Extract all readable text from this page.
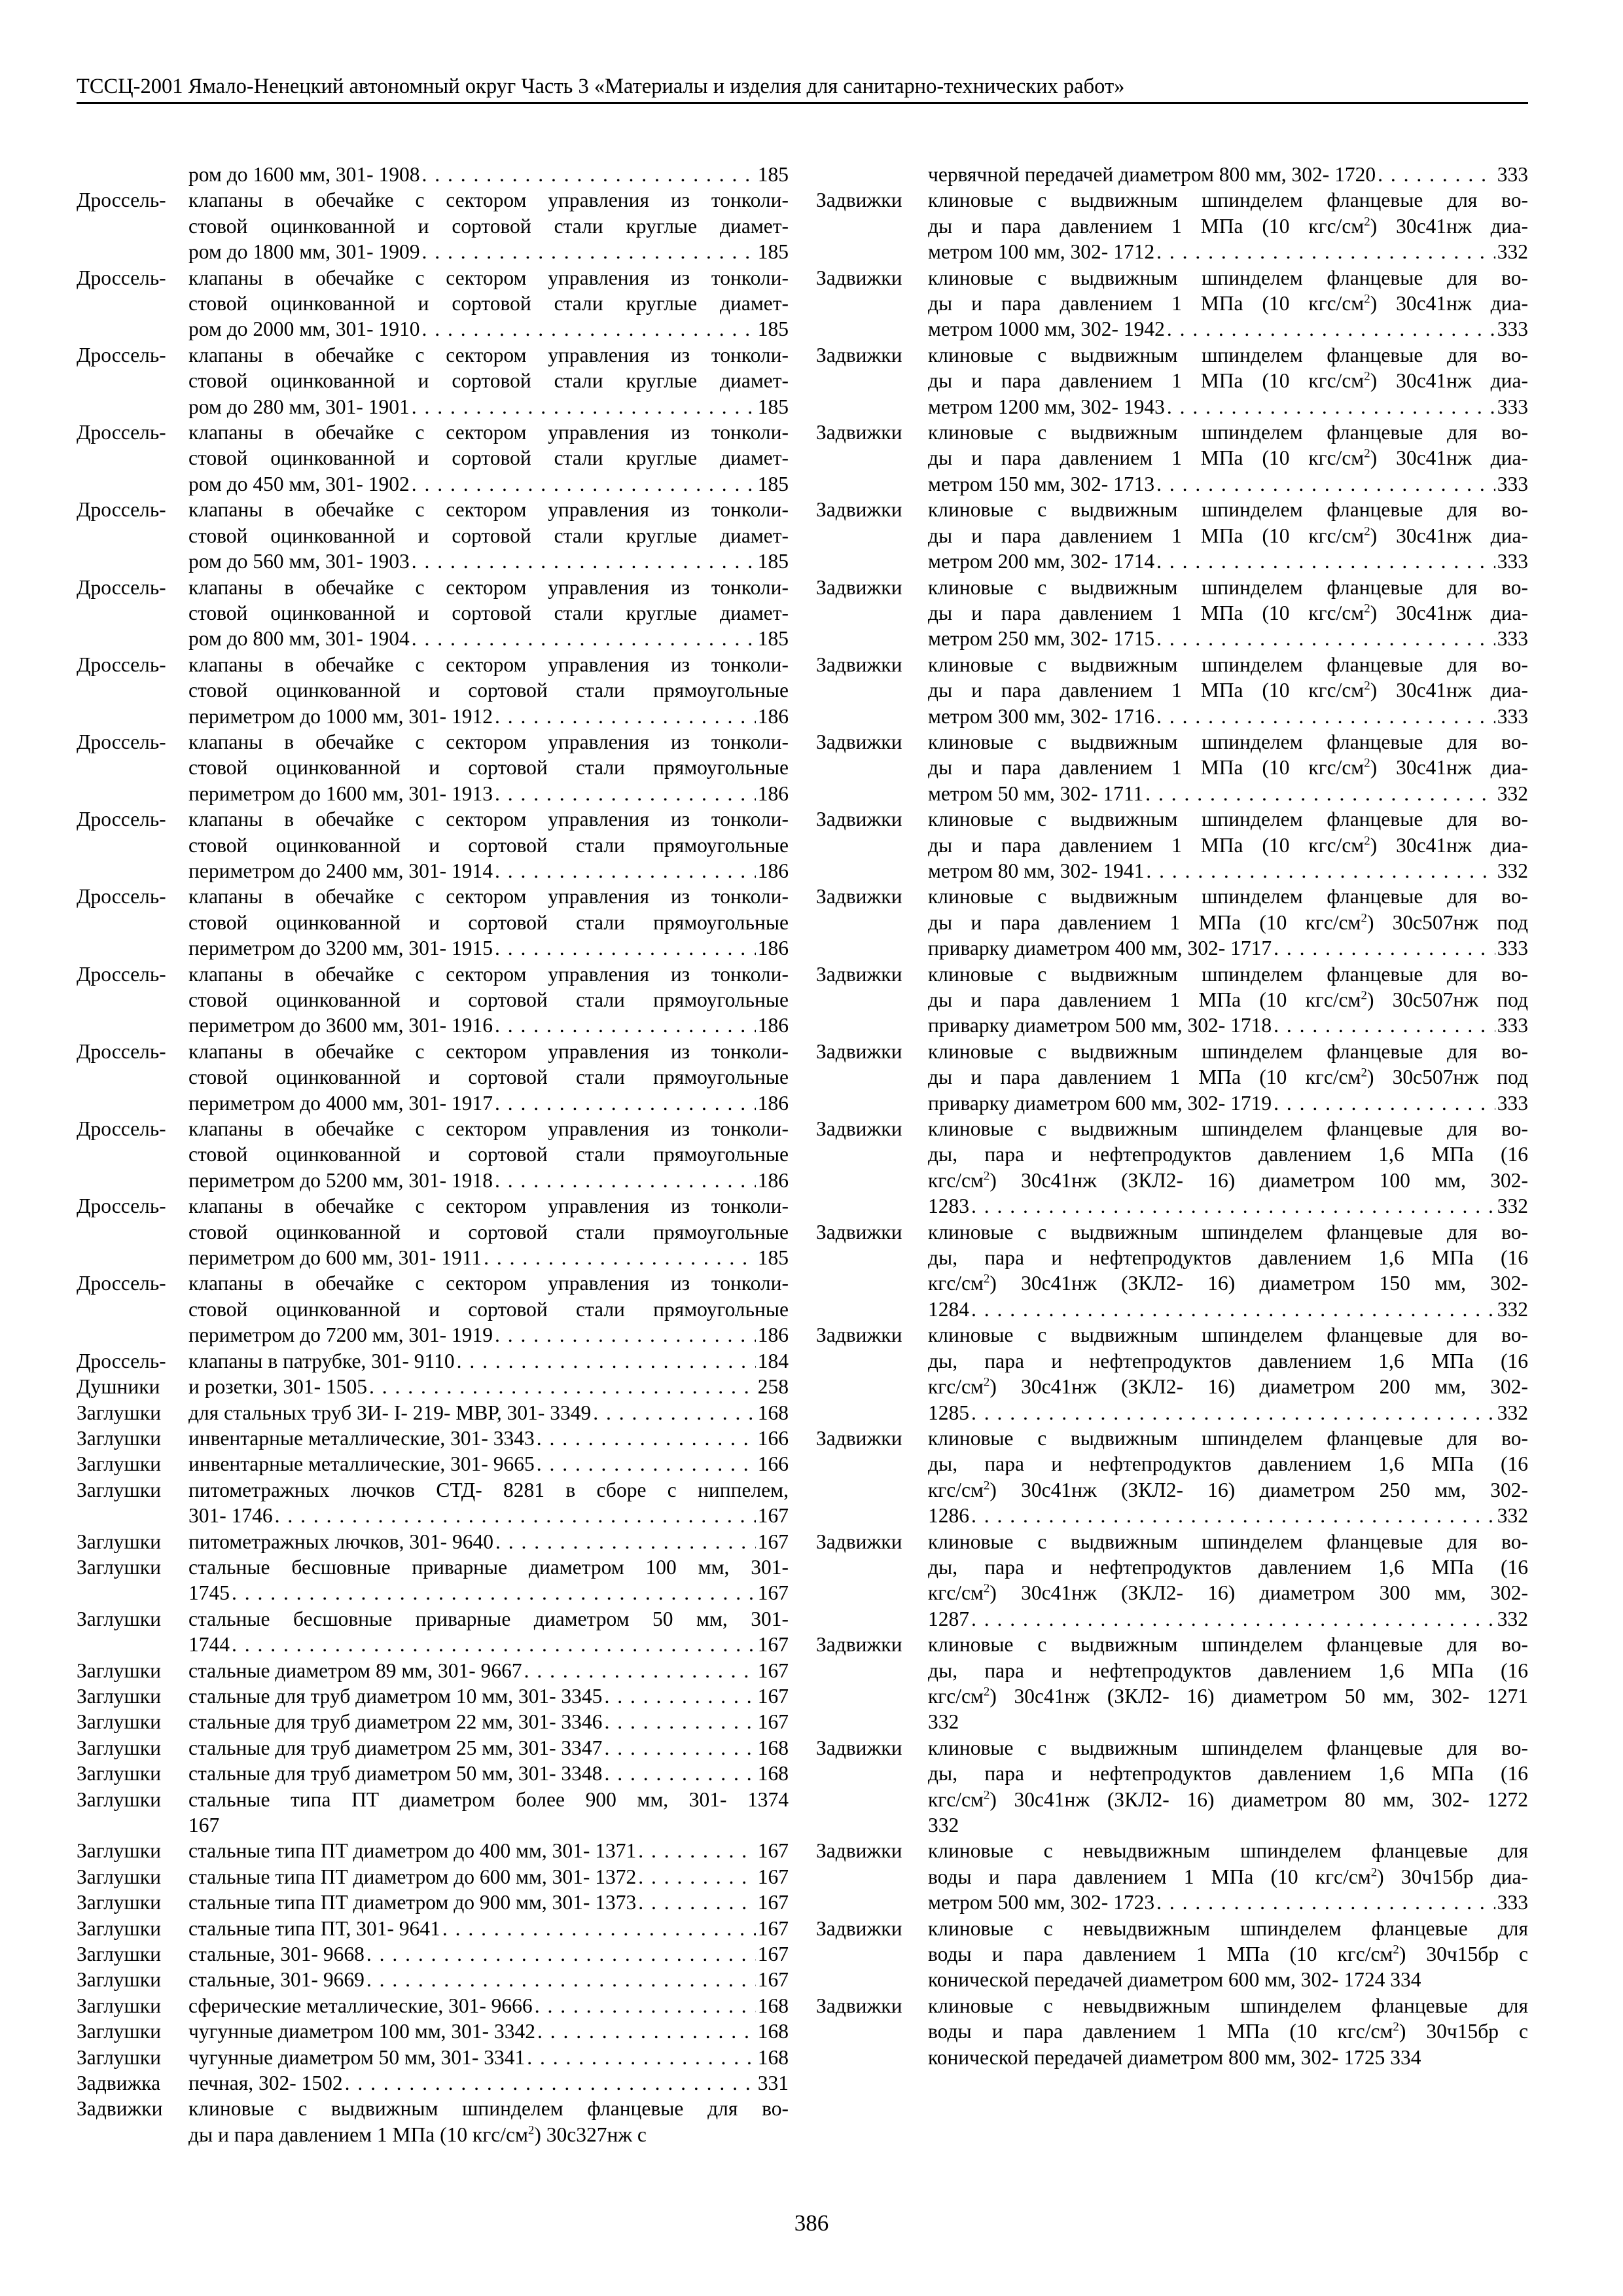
ТССЦ-2001 Ямало-Ненецкий автономный округ Часть 3 «Материалы и изделия для санитарно-технических работ»
ром до 1600 мм, 301- 1908 . . .	185
Дроссель- клапаны в обечайке с сектором управления из тонколи-
стовой оцинкованной и сортовой стали круглые диамет-
ром до 1800 мм, 301- 1909 . . .	185
Дроссель- клапаны в обечайке с сектором управления из тонколи-
стовой оцинкованной и сортовой стали круглые диамет-
ром до 2000 мм, 301- 1910 . . .	185
Дроссель- клапаны в обечайке с сектором управления из тонколи-
стовой оцинкованной и сортовой стали круглые диамет-
ром до 280 мм, 301- 1901 . . .	185
Дроссель- клапаны в обечайке с сектором управления из тонколи-
стовой оцинкованной и сортовой стали круглые диамет-
ром до 450 мм, 301- 1902 . . .	185
Дроссель- клапаны в обечайке с сектором управления из тонколи-
стовой оцинкованной и сортовой стали круглые диамет-
ром до 560 мм, 301- 1903 . . .	185
Дроссель- клапаны в обечайке с сектором управления из тонколи-
стовой оцинкованной и сортовой стали круглые диамет-
ром до 800 мм, 301- 1904 . . .	185
Дроссель- клапаны в обечайке с сектором управления из тонколи-
стовой оцинкованной и сортовой стали прямоугольные
периметром до 1000 мм, 301- 1912 . . .	186
Дроссель- клапаны в обечайке с сектором управления из тонколи-
стовой оцинкованной и сортовой стали прямоугольные
периметром до 1600 мм, 301- 1913 . . .	186
Дроссель- клапаны в обечайке с сектором управления из тонколи-
стовой оцинкованной и сортовой стали прямоугольные
периметром до 2400 мм, 301- 1914 . . .	186
Дроссель- клапаны в обечайке с сектором управления из тонколи-
стовой оцинкованной и сортовой стали прямоугольные
периметром до 3200 мм, 301- 1915 . . .	186
Дроссель- клапаны в обечайке с сектором управления из тонколи-
стовой оцинкованной и сортовой стали прямоугольные
периметром до 3600 мм, 301- 1916 . . .	186
Дроссель- клапаны в обечайке с сектором управления из тонколи-
стовой оцинкованной и сортовой стали прямоугольные
периметром до 4000 мм, 301- 1917 . . .	186
Дроссель- клапаны в обечайке с сектором управления из тонколи-
стовой оцинкованной и сортовой стали прямоугольные
периметром до 5200 мм, 301- 1918 . . .	186
Дроссель- клапаны в обечайке с сектором управления из тонколи-
стовой оцинкованной и сортовой стали прямоугольные
периметром до 600 мм, 301- 1911 . . .	185
Дроссель- клапаны в обечайке с сектором управления из тонколи-
стовой оцинкованной и сортовой стали прямоугольные
периметром до 7200 мм, 301- 1919 . . .	186
Дроссель- клапаны в патрубке, 301- 9110 . . .	184
Душники и розетки, 301- 1505 . . .	258
Заглушки для стальных труб ЗИ- I- 219- МВР, 301- 3349 . . .	168
Заглушки инвентарные металлические, 301- 3343 . . .	166
Заглушки инвентарные металлические, 301- 9665 . . .	166
Заглушки питометражных лючков СТД- 8281 в сборе с ниппелем,
301- 1746 . . .	167
Заглушки питометражных лючков, 301- 9640 . . .	167
Заглушки стальные бесшовные приварные диаметром 100 мм, 301-
1745 . . .	167
Заглушки стальные бесшовные приварные диаметром 50 мм, 301-
1744 . . .	167
Заглушки стальные диаметром 89 мм, 301- 9667 . . .	167
Заглушки стальные для труб диаметром 10 мм, 301- 3345 . . .	167
Заглушки стальные для труб диаметром 22 мм, 301- 3346 . . .	167
Заглушки стальные для труб диаметром 25 мм, 301- 3347 . . .	168
Заглушки стальные для труб диаметром 50 мм, 301- 3348 . . .	168
Заглушки стальные типа ПТ диаметром более 900 мм, 301- 1374
167
Заглушки стальные типа ПТ диаметром до 400 мм, 301- 1371 . . .	167
Заглушки стальные типа ПТ диаметром до 600 мм, 301- 1372 . . .	167
Заглушки стальные типа ПТ диаметром до 900 мм, 301- 1373 . . .	167
Заглушки стальные типа ПТ, 301- 9641 . . .	167
Заглушки стальные, 301- 9668 . . .	167
Заглушки стальные, 301- 9669 . . .	167
Заглушки сферические металлические, 301- 9666 . . .	168
Заглушки чугунные диаметром 100 мм, 301- 3342 . . .	168
Заглушки чугунные диаметром 50 мм, 301- 3341 . . .	168
Задвижка печная, 302- 1502 . . .	331
Задвижки клиновые с выдвижным шпинделем фланцевые для во-
ды и пара давлением 1 МПа (10 кгс/$см^2$) 30с327нж с
червячной передачей диаметром 800 мм, 302- 1720 . . .	333
Задвижки клиновые с выдвижным шпинделем фланцевые для во-
ды и пара давлением 1 МПа (10 кгс/$см^2$) 30с41нж диа-
метром 100 мм, 302- 1712 . . .	332
Задвижки клиновые с выдвижным шпинделем фланцевые для во-
ды и пара давлением 1 МПа (10 кгс/$см^2$) 30с41нж диа-
метром 1000 мм, 302- 1942 . . .	333
Задвижки клиновые с выдвижным шпинделем фланцевые для во-
ды и пара давлением 1 МПа (10 кгс/$см^2$) 30с41нж диа-
метром 1200 мм, 302- 1943 . . .	333
Задвижки клиновые с выдвижным шпинделем фланцевые для во-
ды и пара давлением 1 МПа (10 кгс/$см^2$) 30с41нж диа-
метром 150 мм, 302- 1713 . . .	333
Задвижки клиновые с выдвижным шпинделем фланцевые для во-
ды и пара давлением 1 МПа (10 кгс/$см^2$) 30с41нж диа-
метром 200 мм, 302- 1714 . . .	333
Задвижки клиновые с выдвижным шпинделем фланцевые для во-
ды и пара давлением 1 МПа (10 кгс/$см^2$) 30с41нж диа-
метром 250 мм, 302- 1715 . . .	333
Задвижки клиновые с выдвижным шпинделем фланцевые для во-
ды и пара давлением 1 МПа (10 кгс/$см^2$) 30с41нж диа-
метром 300 мм, 302- 1716 . . .	333
Задвижки клиновые с выдвижным шпинделем фланцевые для во-
ды и пара давлением 1 МПа (10 кгс/$см^2$) 30с41нж диа-
метром 50 мм, 302- 1711 . . .	332
Задвижки клиновые с выдвижным шпинделем фланцевые для во-
ды и пара давлением 1 МПа (10 кгс/$см^2$) 30с41нж диа-
метром 80 мм, 302- 1941 . . .	332
Задвижки клиновые с выдвижным шпинделем фланцевые для во-
ды и пара давлением 1 МПа (10 кгс/$см^2$) 30с507нж под
приварку диаметром 400 мм, 302- 1717 . . .	333
Задвижки клиновые с выдвижным шпинделем фланцевые для во-
ды и пара давлением 1 МПа (10 кгс/$см^2$) 30с507нж под
приварку диаметром 500 мм, 302- 1718 . . .	333
Задвижки клиновые с выдвижным шпинделем фланцевые для во-
ды и пара давлением 1 МПа (10 кгс/$см^2$) 30с507нж под
приварку диаметром 600 мм, 302- 1719 . . .	333
Задвижки клиновые с выдвижным шпинделем фланцевые для во-
ды, пара и нефтепродуктов давлением 1,6 МПа (16
кгс/$см^2$) 30с41нж (ЗКЛ2- 16) диаметром 100 мм, 302-
1283 . . .	332
Задвижки клиновые с выдвижным шпинделем фланцевые для во-
ды, пара и нефтепродуктов давлением 1,6 МПа (16
кгс/$см^2$) 30с41нж (ЗКЛ2- 16) диаметром 150 мм, 302-
1284 . . .	332
Задвижки клиновые с выдвижным шпинделем фланцевые для во-
ды, пара и нефтепродуктов давлением 1,6 МПа (16
кгс/$см^2$) 30с41нж (ЗКЛ2- 16) диаметром 200 мм, 302-
1285 . . .	332
Задвижки клиновые с выдвижным шпинделем фланцевые для во-
ды, пара и нефтепродуктов давлением 1,6 МПа (16
кгс/$см^2$) 30с41нж (ЗКЛ2- 16) диаметром 250 мм, 302-
1286 . . .	332
Задвижки клиновые с выдвижным шпинделем фланцевые для во-
ды, пара и нефтепродуктов давлением 1,6 МПа (16
кгс/$см^2$) 30с41нж (ЗКЛ2- 16) диаметром 300 мм, 302-
1287 . . .	332
Задвижки клиновые с выдвижным шпинделем фланцевые для во-
ды, пара и нефтепродуктов давлением 1,6 МПа (16
кгс/$см^2$) 30с41нж (ЗКЛ2- 16) диаметром 50 мм, 302- 1271
332
Задвижки клиновые с выдвижным шпинделем фланцевые для во-
ды, пара и нефтепродуктов давлением 1,6 МПа (16
кгс/$см^2$) 30с41нж (ЗКЛ2- 16) диаметром 80 мм, 302- 1272
332
Задвижки клиновые с невыдвижным шпинделем фланцевые для
воды и пара давлением 1 МПа (10 кгс/$см^2$) 30ч15бр диа-
метром 500 мм, 302- 1723 . . .	333
Задвижки клиновые с невыдвижным шпинделем фланцевые для
воды и пара давлением 1 МПа (10 кгс/$см^2$) 30ч15бр с
конической передачей диаметром 600 мм, 302- 1724 334
Задвижки клиновые с невыдвижным шпинделем фланцевые для
воды и пара давлением 1 МПа (10 кгс/$см^2$) 30ч15бр с
конической передачей диаметром 800 мм, 302- 1725 334
386
